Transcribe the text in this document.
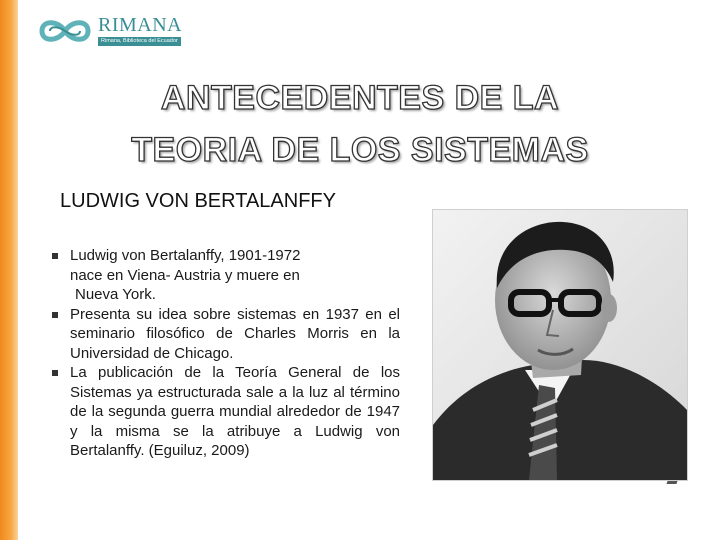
RIMANA
Rimana, Biblioteca del Ecuador
ANTECEDENTES DE LA
TEORIA DE LOS SISTEMAS
LUDWIG VON BERTALANFFY
Ludwig von Bertalanffy, 1901-1972
nace en Viena- Austria y muere en
Nueva York.
Presenta su idea sobre sistemas en 1937 en el seminario filosófico de Charles Morris en la Universidad de Chicago.
La publicación de la Teoría General de los Sistemas ya estructurada sale a la luz al término de la segunda guerra mundial alrededor de 1947 y la misma se la atribuye a Ludwig von Bertalanffy. (Eguiluz, 2009)
